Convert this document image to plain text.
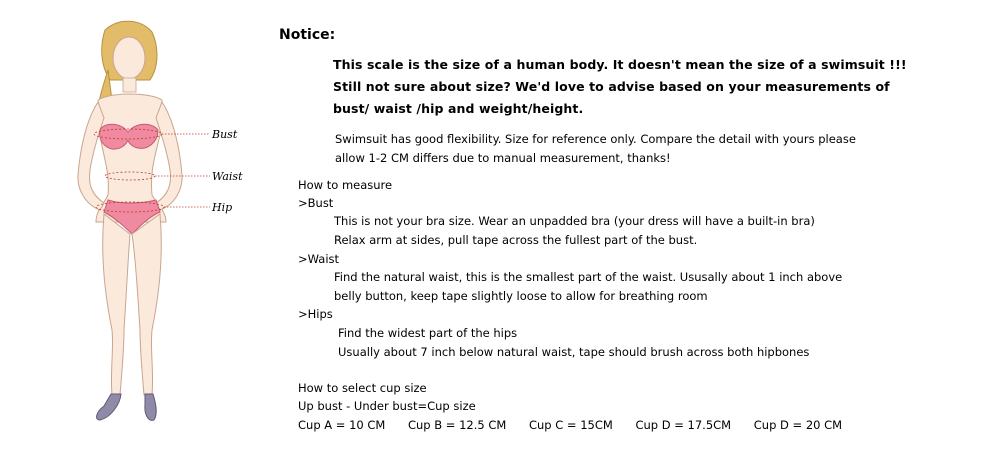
Bust
Waist
Hip
Notice:
This scale is the size of a human body. It doesn't mean the size of a swimsuit !!!
Still not sure about size? We'd love to advise based on your measurements of
bust/ waist /hip and weight/height.
Swimsuit has good flexibility. Size for reference only. Compare the detail with yours please
allow 1-2 CM differs due to manual measurement, thanks!
How to measure
>Bust
This is not your bra size. Wear an unpadded bra (your dress will have a built-in bra)
Relax arm at sides, pull tape across the fullest part of the bust.
>Waist
Find the natural waist, this is the smallest part of the waist. Ususally about 1 inch above
belly button, keep tape slightly loose to allow for breathing room
>Hips
Find the widest part of the hips
Usually about 7 inch below natural waist, tape should brush across both hipbones
How to select cup size
Up bust - Under bust=Cup size
Cup A = 10 CM Cup B = 12.5 CM Cup C = 15CM Cup D = 17.5CM Cup D = 20 CM
